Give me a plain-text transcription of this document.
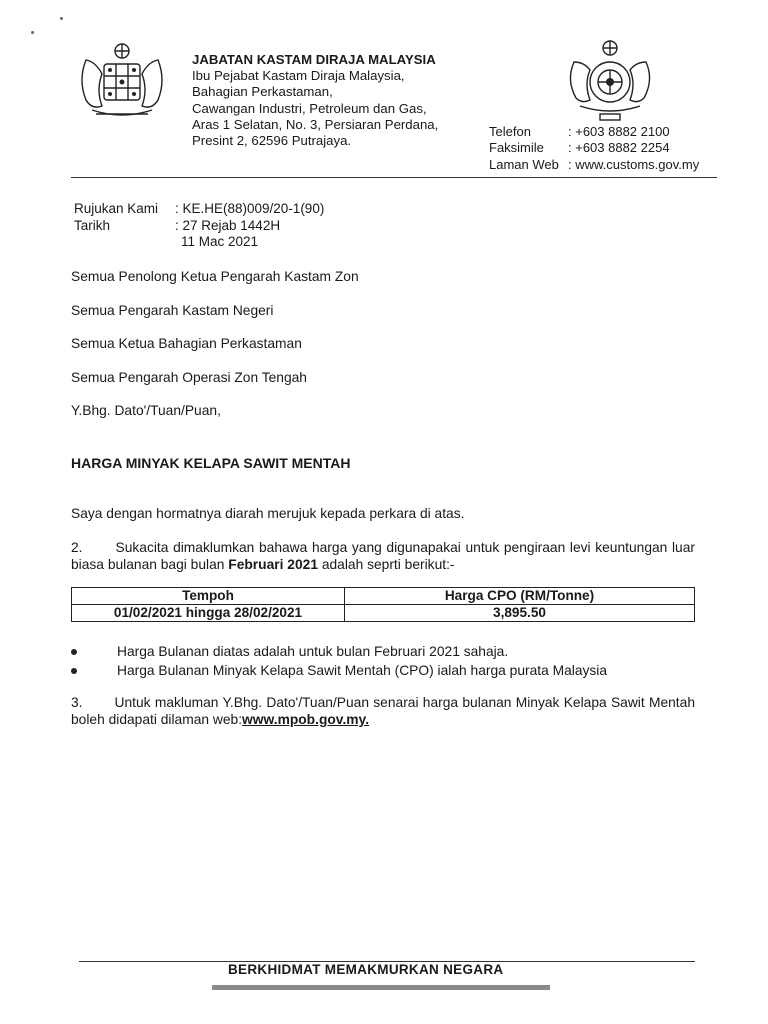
JABATAN KASTAM DIRAJA MALAYSIA
Ibu Pejabat Kastam Diraja Malaysia,
Bahagian Perkastaman,
Cawangan Industri, Petroleum dan Gas,
Aras 1 Selatan, No. 3, Persiaran Perdana,
Presint 2, 62596 Putrajaya.
Telefon	: +603 8882 2100
Faksimile	: +603 8882 2254
Laman Web : www.customs.gov.my
Rujukan Kami	: KE.HE(88)009/20-1(90)
Tarikh	: 27 Rejab 1442H
11 Mac 2021
Semua Penolong Ketua Pengarah Kastam Zon
Semua Pengarah Kastam Negeri
Semua Ketua Bahagian Perkastaman
Semua Pengarah Operasi Zon Tengah
Y.Bhg. Dato'/Tuan/Puan,
HARGA MINYAK KELAPA SAWIT MENTAH
Saya dengan hormatnya diarah merujuk kepada perkara di atas.
2. Sukacita dimaklumkan bahawa harga yang digunapakai untuk pengiraan levi keuntungan luar biasa bulanan bagi bulan Februari 2021 adalah seprti berikut:-
Tempoh	Harga CPO (RM/Tonne)
01/02/2021 hingga 28/02/2021	3,895.50
Harga Bulanan diatas adalah untuk bulan Februari 2021 sahaja.
Harga Bulanan Minyak Kelapa Sawit Mentah (CPO) ialah harga purata Malaysia
3. Untuk makluman Y.Bhg. Dato'/Tuan/Puan senarai harga bulanan Minyak Kelapa Sawit Mentah boleh didapati dilaman web:www.mpob.gov.my.
BERKHIDMAT MEMAKMURKAN NEGARA
